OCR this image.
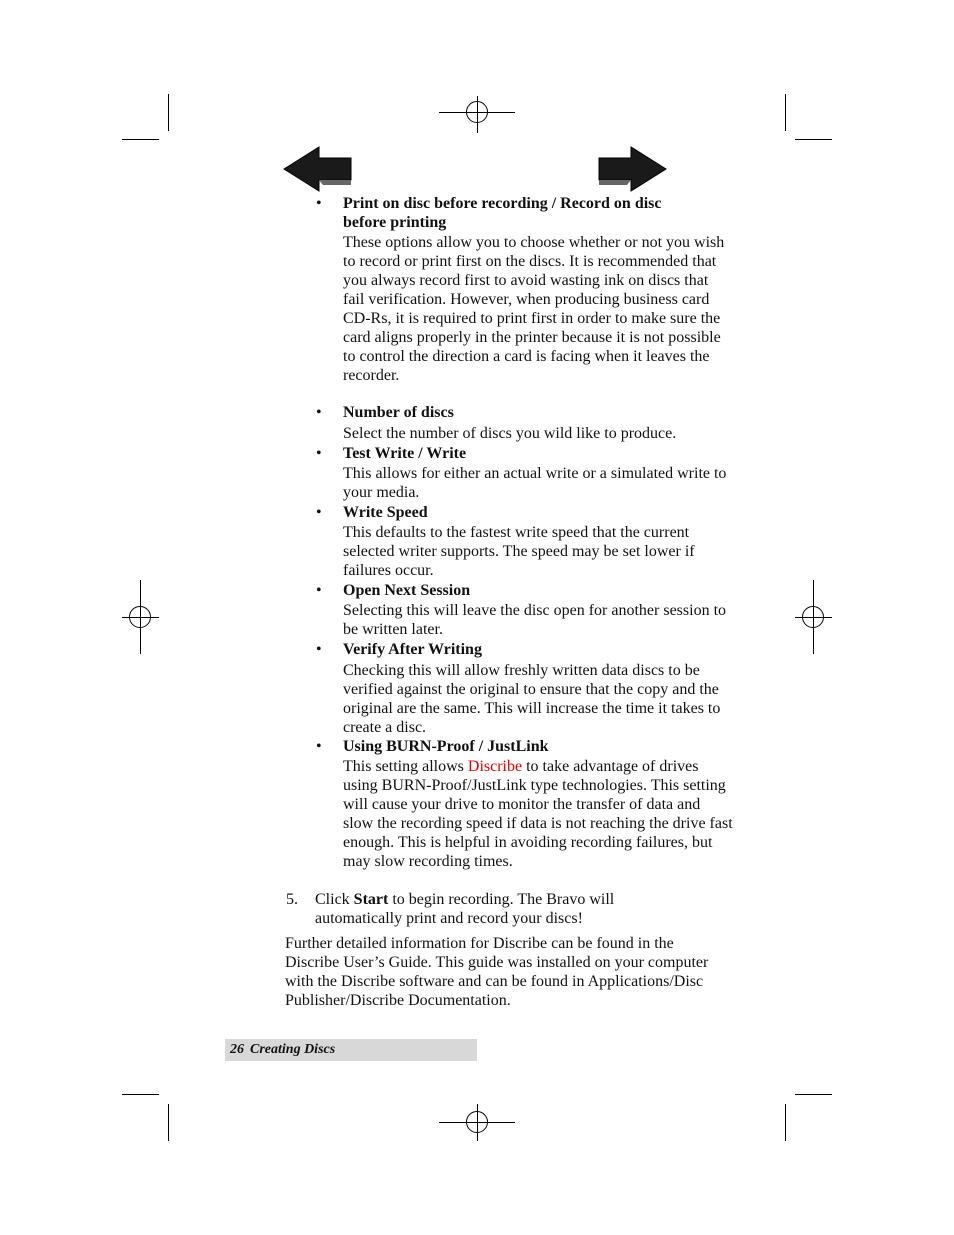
• Print on disc before recording / Record on disc before printing
These options allow you to choose whether or not you wish to record or print first on the discs. It is recommended that you always record first to avoid wasting ink on discs that fail verification. However, when producing business card CD-Rs, it is required to print first in order to make sure the card aligns properly in the printer because it is not possible to control the direction a card is facing when it leaves the recorder.
• Number of discs
Select the number of discs you wild like to produce.
• Test Write / Write
This allows for either an actual write or a simulated write to your media.
• Write Speed
This defaults to the fastest write speed that the current selected writer supports. The speed may be set lower if failures occur.
• Open Next Session
Selecting this will leave the disc open for another session to be written later.
• Verify After Writing
Checking this will allow freshly written data discs to be verified against the original to ensure that the copy and the original are the same. This will increase the time it takes to create a disc.
• Using BURN-Proof / JustLink
This setting allows Discribe to take advantage of drives using BURN-Proof/JustLink type technologies. This setting will cause your drive to monitor the transfer of data and slow the recording speed if data is not reaching the drive fast enough. This is helpful in avoiding recording failures, but may slow recording times.
5. Click Start to begin recording. The Bravo will automatically print and record your discs!
Further detailed information for Discribe can be found in the Discribe User’s Guide. This guide was installed on your computer with the Discribe software and can be found in Applications/Disc Publisher/Discribe Documentation.
26 Creating Discs
